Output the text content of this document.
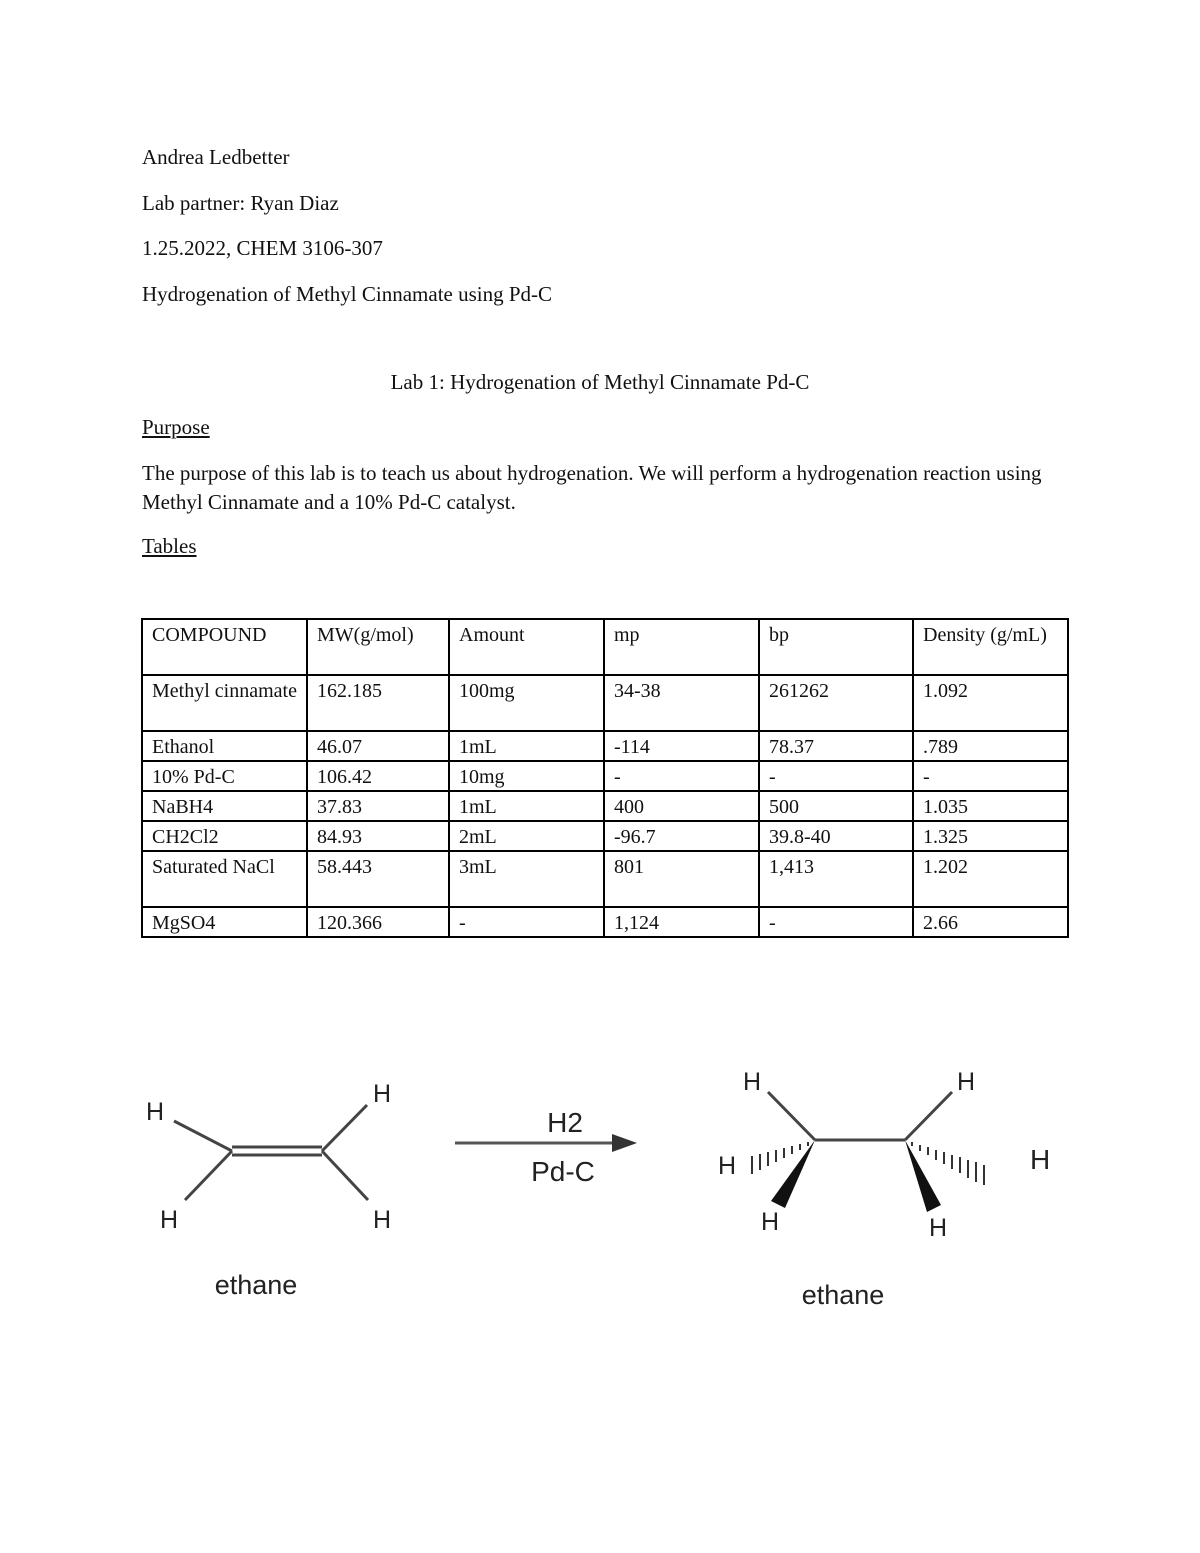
Andrea Ledbetter
Lab partner: Ryan Diaz
1.25.2022, CHEM 3106-307
Hydrogenation of Methyl Cinnamate using Pd-C
Lab 1: Hydrogenation of Methyl Cinnamate Pd-C
Purpose
The purpose of this lab is to teach us about hydrogenation. We will perform a hydrogenation reaction using Methyl Cinnamate and a 10% Pd-C catalyst.
Tables
COMPOUND	MW(g/mol)	Amount	mp	bp	Density (g/mL)
Methyl cinnamate	162.185	100mg	34-38	261262	1.092
Ethanol	46.07	1mL	-114	78.37	.789
10% Pd-C	106.42	10mg	-	-	-
NaBH4	37.83	1mL	400	500	1.035
CH2Cl2	84.93	2mL	-96.7	39.8-40	1.325
Saturated NaCl	58.443	3mL	801	1,413	1.202
MgSO4	120.366	-	1,124	-	2.66
H
H
H
H
ethane
H2
Pd-C
H	H
H	H
H	H
ethane
